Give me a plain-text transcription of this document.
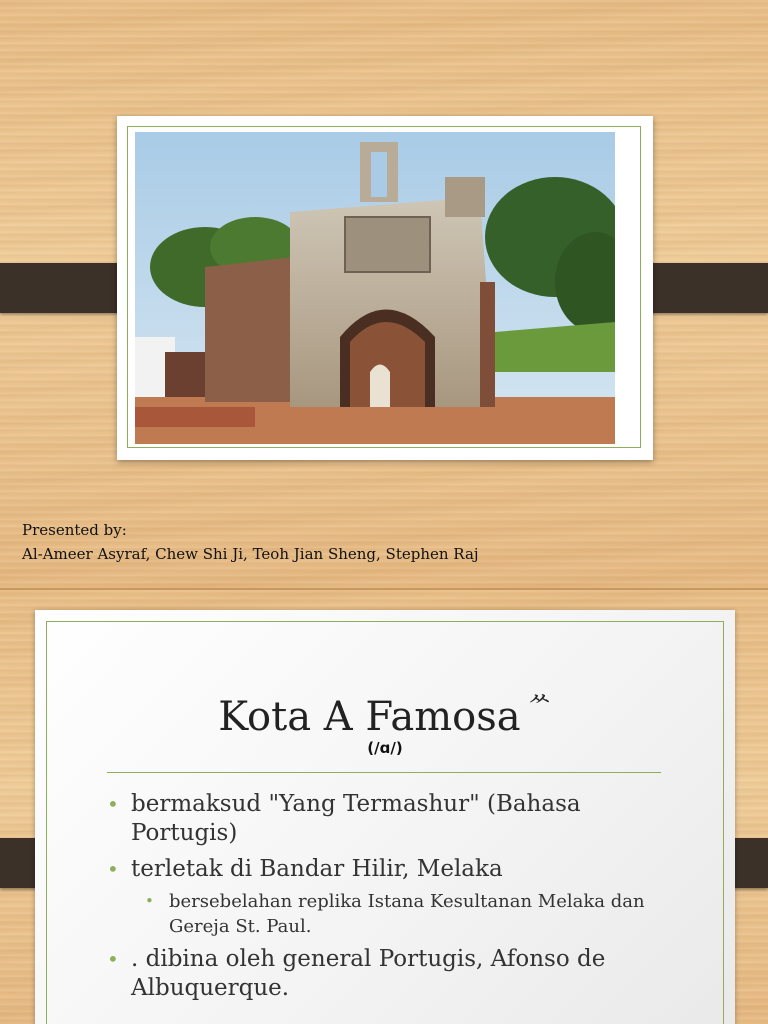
Presented by:
Al-Ameer Asyraf, Chew Shi Ji, Teoh Jian Sheng, Stephen Raj
Kota A Famosa $^ᄊ$
(/ɑ/)
• bermaksud "Yang Termashur" (Bahasa Portugis)
• terletak di Bandar Hilir, Melaka
• bersebelahan replika Istana Kesultanan Melaka dan Gereja St. Paul.
• . dibina oleh general Portugis, Afonso de Albuquerque.
